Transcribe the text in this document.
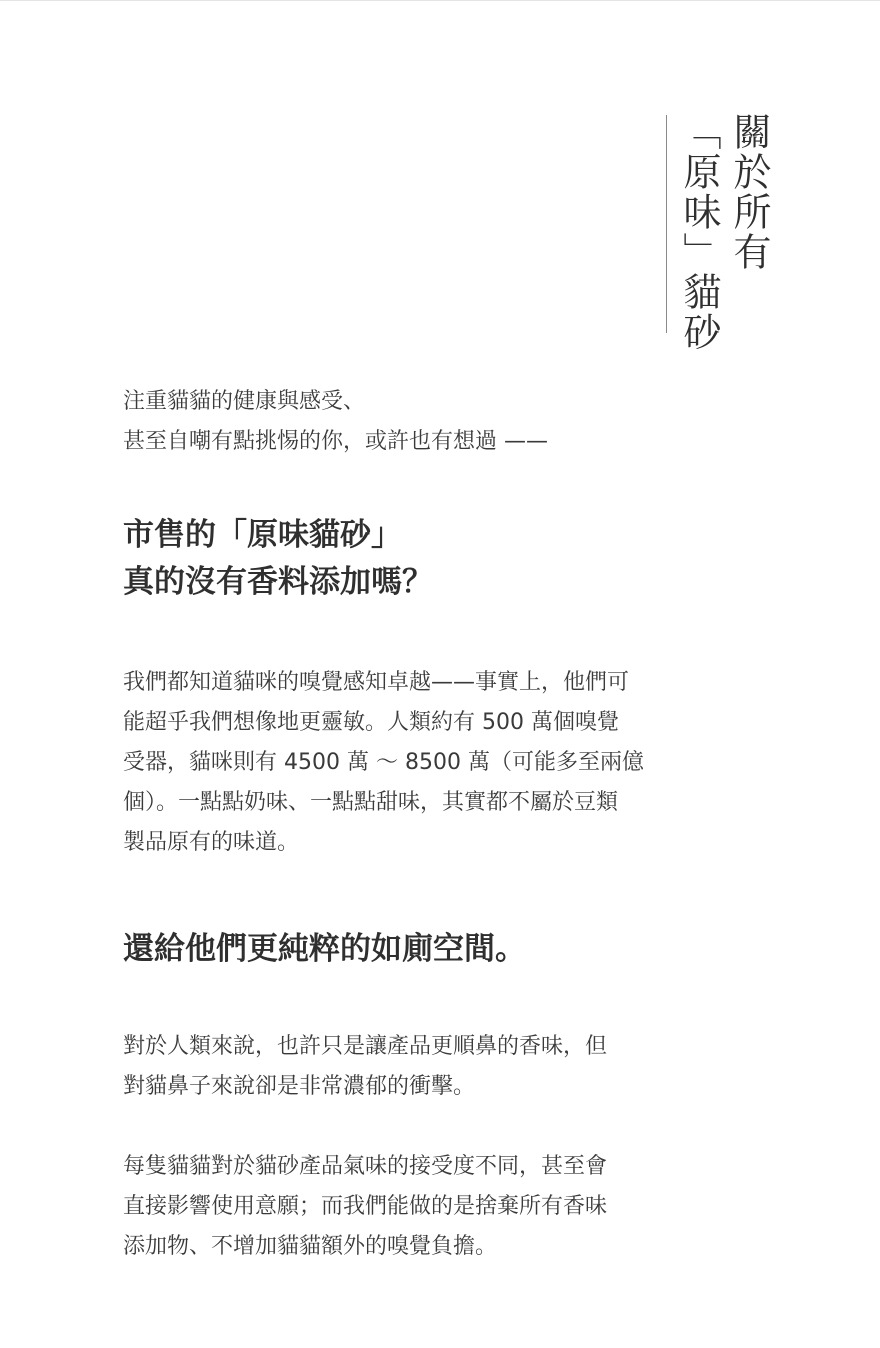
關於所有
「原味」貓砂

注重貓貓的健康與感受、

甚至自嘲有點挑惕的你，或許也有想過 ——

市售的「原味貓砂」
真的沒有香料添加嗎？
我們都知道貓咪的嗅覺感知卓越——事實上，他們可
能超乎我們想像地更靈敏。人類約有 500 萬個嗅覺
受器，貓咪則有 4500 萬 ～ 8500 萬（可能多至兩億
個）。一點點奶味、一點點甜味，其實都不屬於豆類
製品原有的味道。
還給他們更純粹的如廁空間。
對於人類來說，也許只是讓產品更順鼻的香味，但
對貓鼻子來說卻是非常濃郁的衝擊。
每隻貓貓對於貓砂產品氣味的接受度不同，甚至會
直接影響使用意願；而我們能做的是捨棄所有香味
添加物、不增加貓貓額外的嗅覺負擔。
